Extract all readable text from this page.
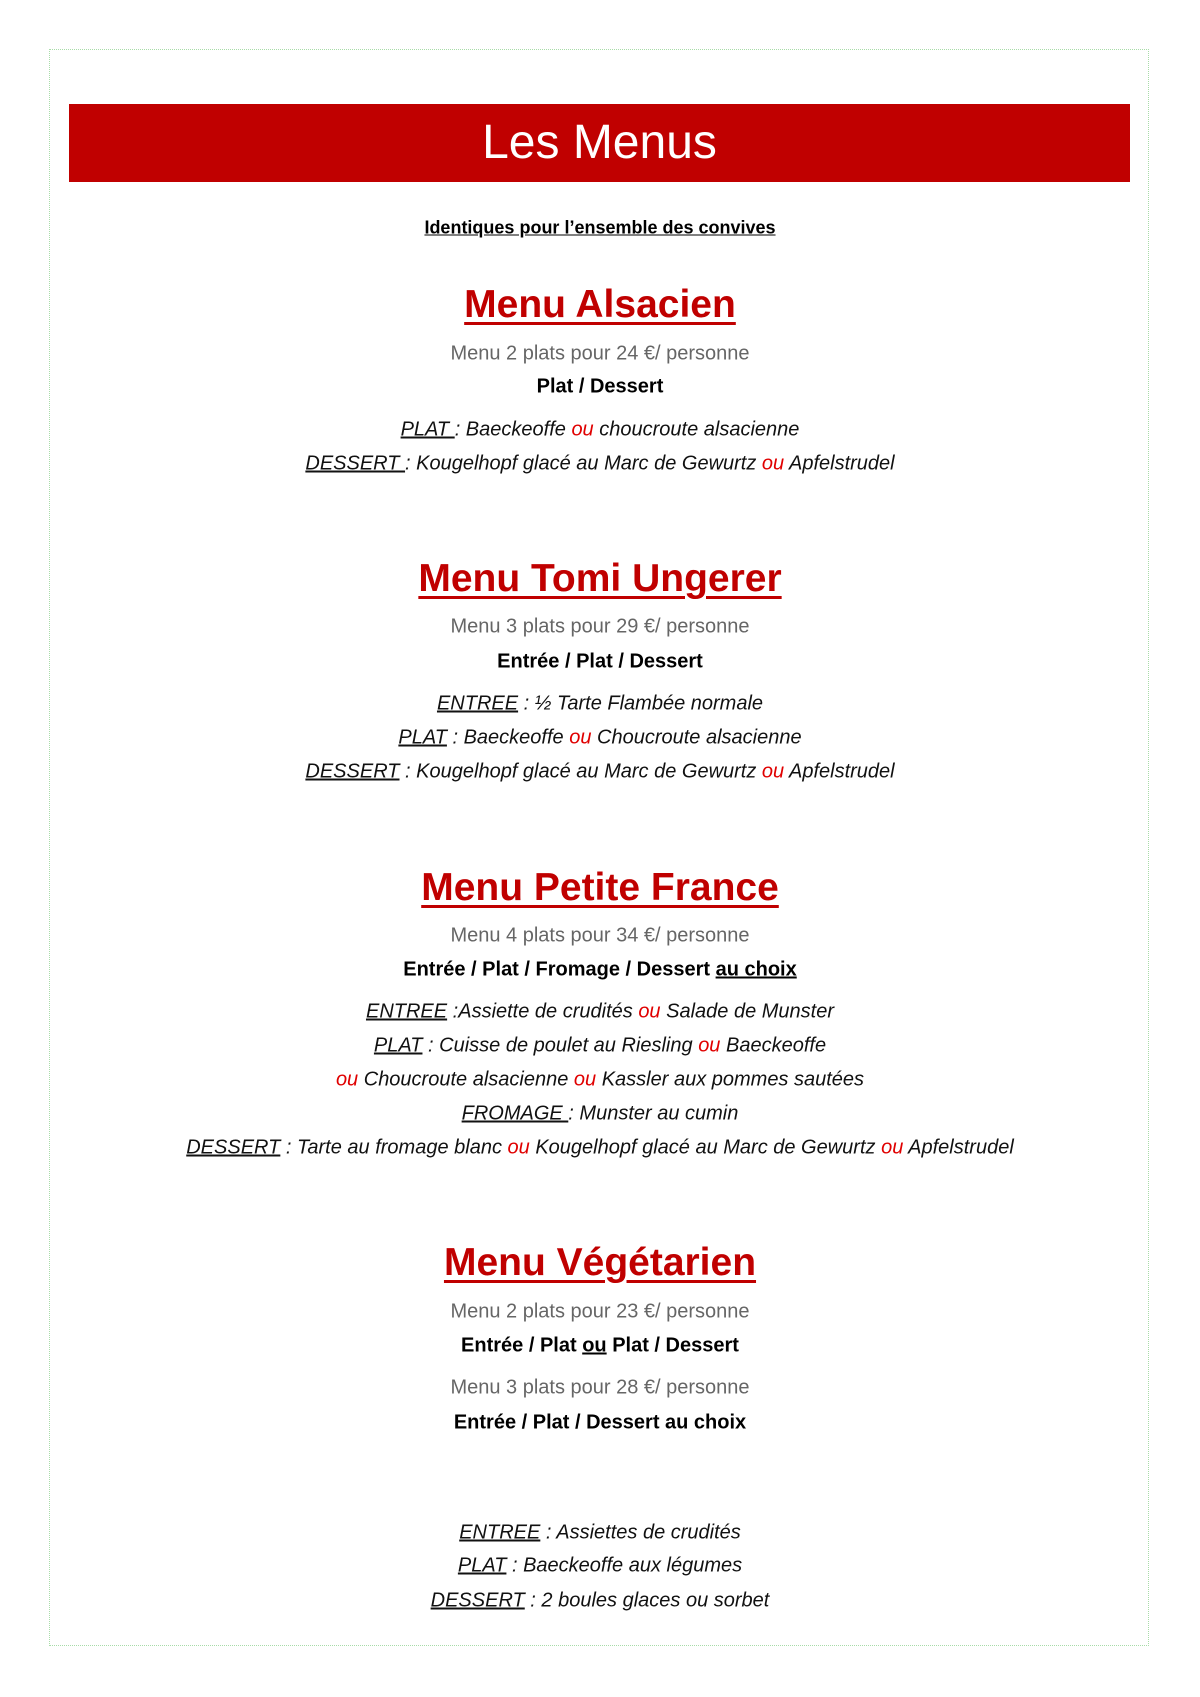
Les Menus
Identiques pour l’ensemble des convives
Menu Alsacien
Menu 2 plats pour 24 €/ personne
Plat / Dessert
PLAT : Baeckeoffe ou choucroute alsacienne
DESSERT : Kougelhopf glacé au Marc de Gewurtz ou Apfelstrudel
Menu Tomi Ungerer
Menu 3 plats pour 29 €/ personne
Entrée / Plat / Dessert
ENTREE : ½ Tarte Flambée normale
PLAT : Baeckeoffe ou Choucroute alsacienne
DESSERT : Kougelhopf glacé au Marc de Gewurtz ou Apfelstrudel
Menu Petite France
Menu 4 plats pour 34 €/ personne
Entrée / Plat / Fromage / Dessert au choix
ENTREE :Assiette de crudités ou Salade de Munster
PLAT : Cuisse de poulet au Riesling ou Baeckeoffe
ou Choucroute alsacienne ou Kassler aux pommes sautées
FROMAGE : Munster au cumin
DESSERT : Tarte au fromage blanc ou Kougelhopf glacé au Marc de Gewurtz ou Apfelstrudel
Menu Végétarien
Menu 2 plats pour 23 €/ personne
Entrée / Plat ou Plat / Dessert
Menu 3 plats pour 28 €/ personne
Entrée / Plat / Dessert au choix
ENTREE : Assiettes de crudités
PLAT : Baeckeoffe aux légumes
DESSERT : 2 boules glaces ou sorbet
